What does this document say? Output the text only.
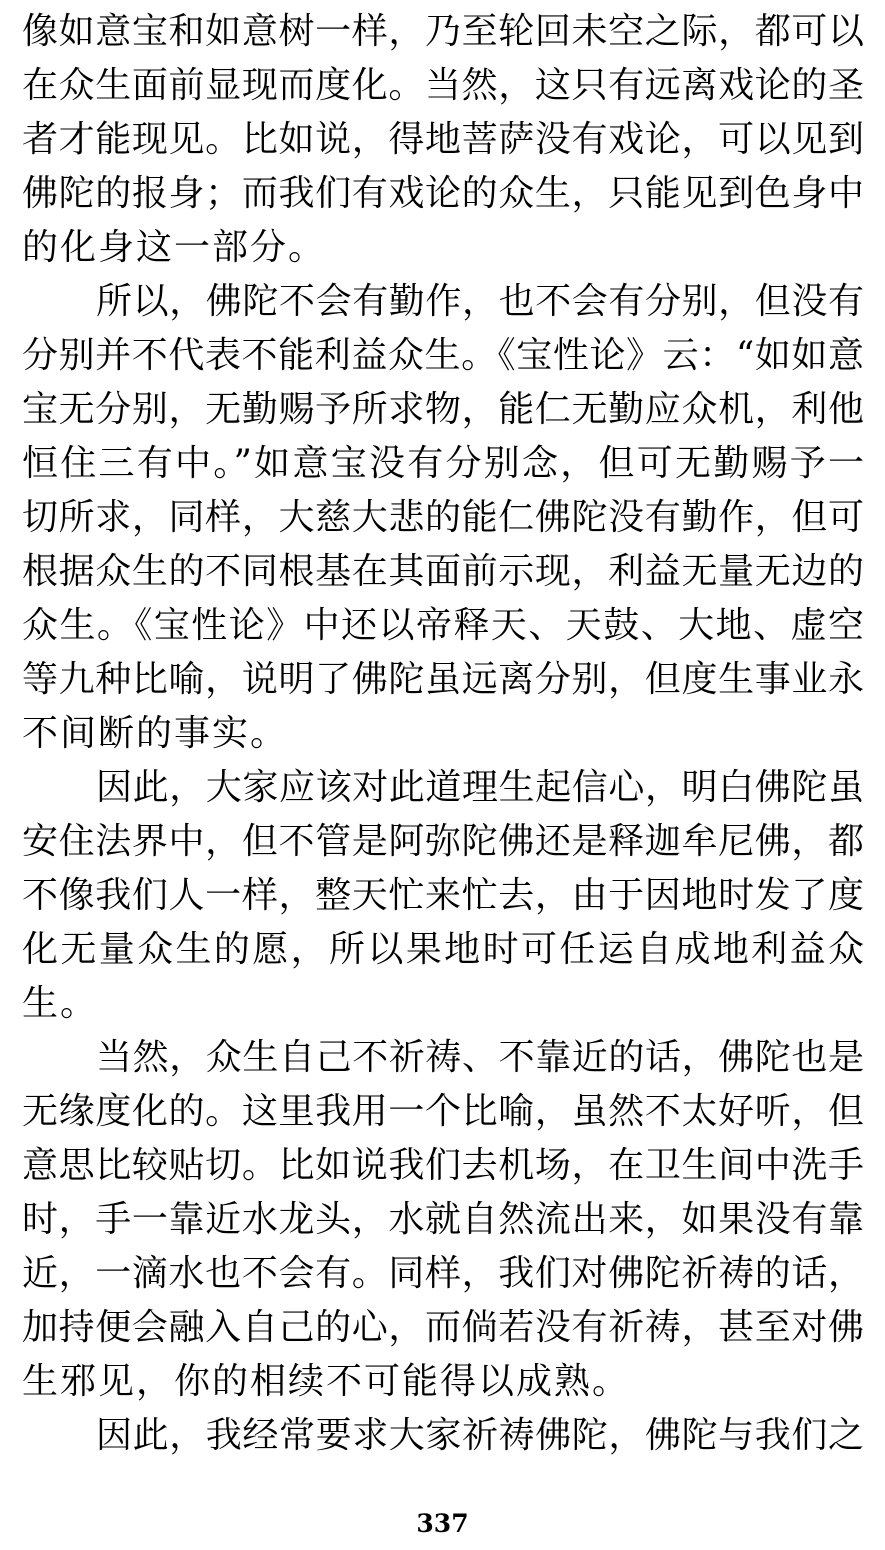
像如意宝和如意树一样，乃至轮回未空之际，都可以
在众生面前显现而度化。当然，这只有远离戏论的圣
者才能现见。比如说，得地菩萨没有戏论，可以见到
佛陀的报身；而我们有戏论的众生，只能见到色身中
的化身这一部分。
所以，佛陀不会有勤作，也不会有分别，但没有
分别并不代表不能利益众生。《宝性论》云：“如如意
宝无分别，无勤赐予所求物，能仁无勤应众机，利他
恒住三有中。”如意宝没有分别念，但可无勤赐予一
切所求，同样，大慈大悲的能仁佛陀没有勤作，但可
根据众生的不同根基在其面前示现，利益无量无边的
众生。《宝性论》中还以帝释天、天鼓、大地、虚空
等九种比喻，说明了佛陀虽远离分别，但度生事业永
不间断的事实。
因此，大家应该对此道理生起信心，明白佛陀虽
安住法界中，但不管是阿弥陀佛还是释迦牟尼佛，都
不像我们人一样，整天忙来忙去，由于因地时发了度
化无量众生的愿，所以果地时可任运自成地利益众
生。
当然，众生自己不祈祷、不靠近的话，佛陀也是
无缘度化的。这里我用一个比喻，虽然不太好听，但
意思比较贴切。比如说我们去机场，在卫生间中洗手
时，手一靠近水龙头，水就自然流出来，如果没有靠
近，一滴水也不会有。同样，我们对佛陀祈祷的话，
加持便会融入自己的心，而倘若没有祈祷，甚至对佛
生邪见，你的相续不可能得以成熟。
因此，我经常要求大家祈祷佛陀，佛陀与我们之
337
